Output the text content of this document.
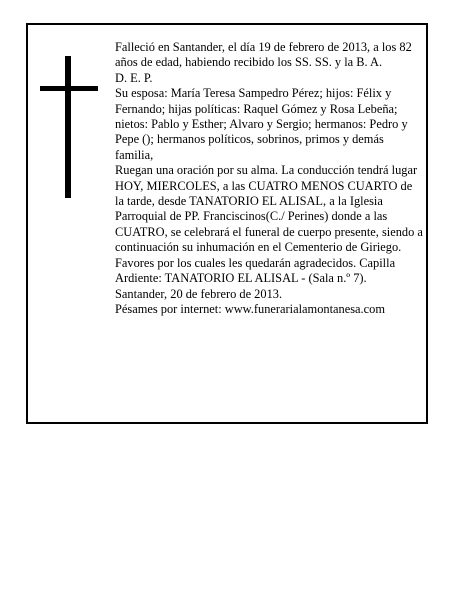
Falleció en Santander, el día 19 de febrero de 2013, a los 82 años de edad, habiendo recibido los SS. SS. y la B. A.

D. E. P.

Su esposa: María Teresa Sampedro Pérez; hijos: Félix y Fernando; hijas políticas: Raquel Gómez y Rosa Lebeña; nietos: Pablo y Esther; Alvaro y Sergio; hermanos: Pedro y Pepe (); hermanos políticos, sobrinos, primos y demás familia,

Ruegan una oración por su alma. La conducción tendrá lugar HOY, MIERCOLES, a las CUATRO MENOS CUARTO de la tarde, desde TANATORIO EL ALISAL, a la Iglesia Parroquial de PP. Franciscinos(C./ Perines) donde a las CUATRO, se celebrará el funeral de cuerpo presente, siendo a continuación su inhumación en el Cementerio de Giriego. Favores por los cuales les quedarán agradecidos. Capilla Ardiente: TANATORIO EL ALISAL - (Sala n.º 7).

Santander, 20 de febrero de 2013.

Pésames por internet: www.funerarialamontanesa.com
